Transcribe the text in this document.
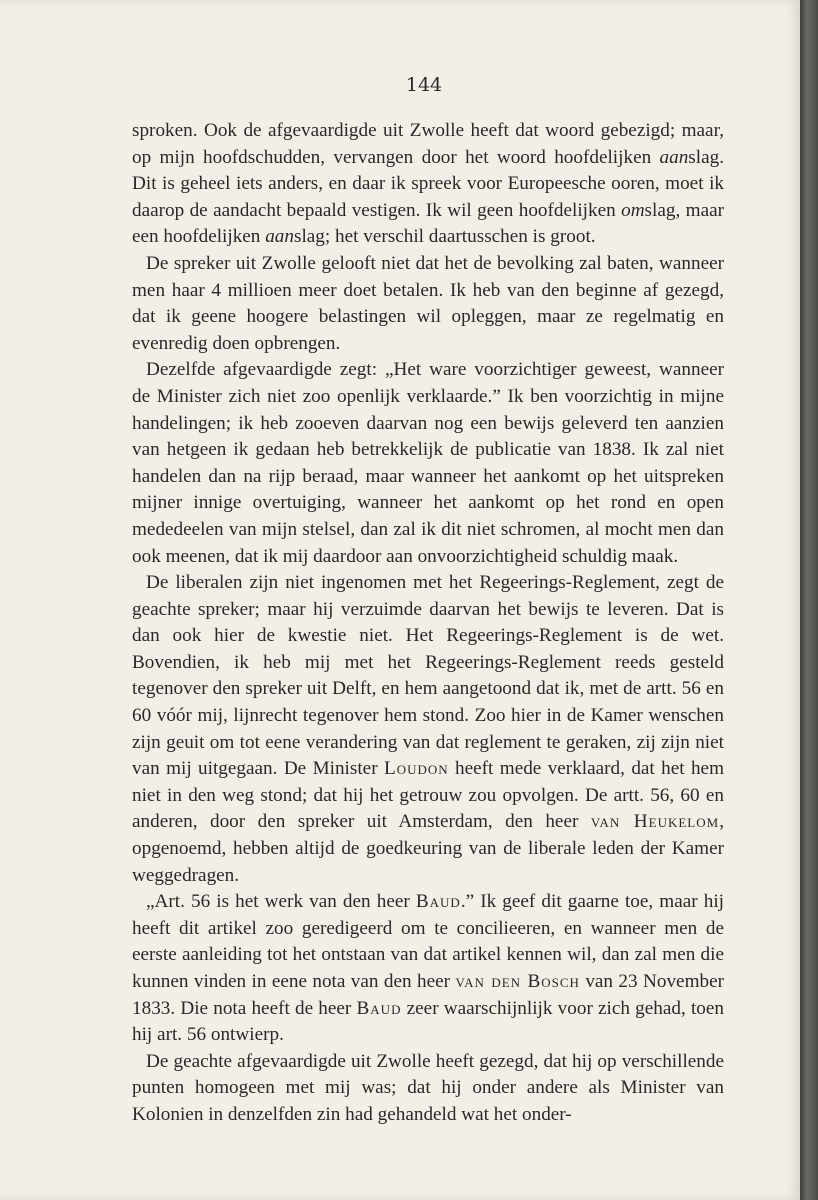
144

sproken. Ook de afgevaardigde uit Zwolle heeft dat woord gebezigd; maar, op mijn hoofdschudden, vervangen door het woord hoofdelijken aanslag. Dit is geheel iets anders, en daar ik spreek voor Europeesche ooren, moet ik daarop de aandacht bepaald vestigen. Ik wil geen hoofdelijken omslag, maar een hoofdelijken aanslag; het verschil daartusschen is groot.

De spreker uit Zwolle gelooft niet dat het de bevolking zal baten, wanneer men haar 4 millioen meer doet betalen. Ik heb van den beginne af gezegd, dat ik geene hoogere belastingen wil opleggen, maar ze regelmatig en evenredig doen opbrengen.

Dezelfde afgevaardigde zegt: „Het ware voorzichtiger geweest, wanneer de Minister zich niet zoo openlijk verklaarde.” Ik ben voorzichtig in mijne handelingen; ik heb zooeven daarvan nog een bewijs geleverd ten aanzien van hetgeen ik gedaan heb betrekkelijk de publicatie van 1838. Ik zal niet handelen dan na rijp beraad, maar wanneer het aankomt op het uitspreken mijner innige overtuiging, wanneer het aankomt op het rond en open mededeelen van mijn stelsel, dan zal ik dit niet schromen, al mocht men dan ook meenen, dat ik mij daardoor aan onvoorzichtigheid schuldig maak.

De liberalen zijn niet ingenomen met het Regeerings-Reglement, zegt de geachte spreker; maar hij verzuimde daarvan het bewijs te leveren. Dat is dan ook hier de kwestie niet. Het Regeerings-Reglement is de wet. Bovendien, ik heb mij met het Regeerings-Reglement reeds gesteld tegenover den spreker uit Delft, en hem aangetoond dat ik, met de artt. 56 en 60 vóór mij, lijnrecht tegenover hem stond. Zoo hier in de Kamer wenschen zijn geuit om tot eene verandering van dat reglement te geraken, zij zijn niet van mij uitgegaan. De Minister Loudon heeft mede verklaard, dat het hem niet in den weg stond; dat hij het getrouw zou opvolgen. De artt. 56, 60 en anderen, door den spreker uit Amsterdam, den heer van Heukelom, opgenoemd, hebben altijd de goedkeuring van de liberale leden der Kamer weggedragen.

„Art. 56 is het werk van den heer Baud.” Ik geef dit gaarne toe, maar hij heeft dit artikel zoo geredigeerd om te concilieeren, en wanneer men de eerste aanleiding tot het ontstaan van dat artikel kennen wil, dan zal men die kunnen vinden in eene nota van den heer van den Bosch van 23 November 1833. Die nota heeft de heer Baud zeer waarschijnlijk voor zich gehad, toen hij art. 56 ontwierp.

De geachte afgevaardigde uit Zwolle heeft gezegd, dat hij op verschillende punten homogeen met mij was; dat hij onder andere als Minister van Kolonien in denzelfden zin had gehandeld wat het onder-
